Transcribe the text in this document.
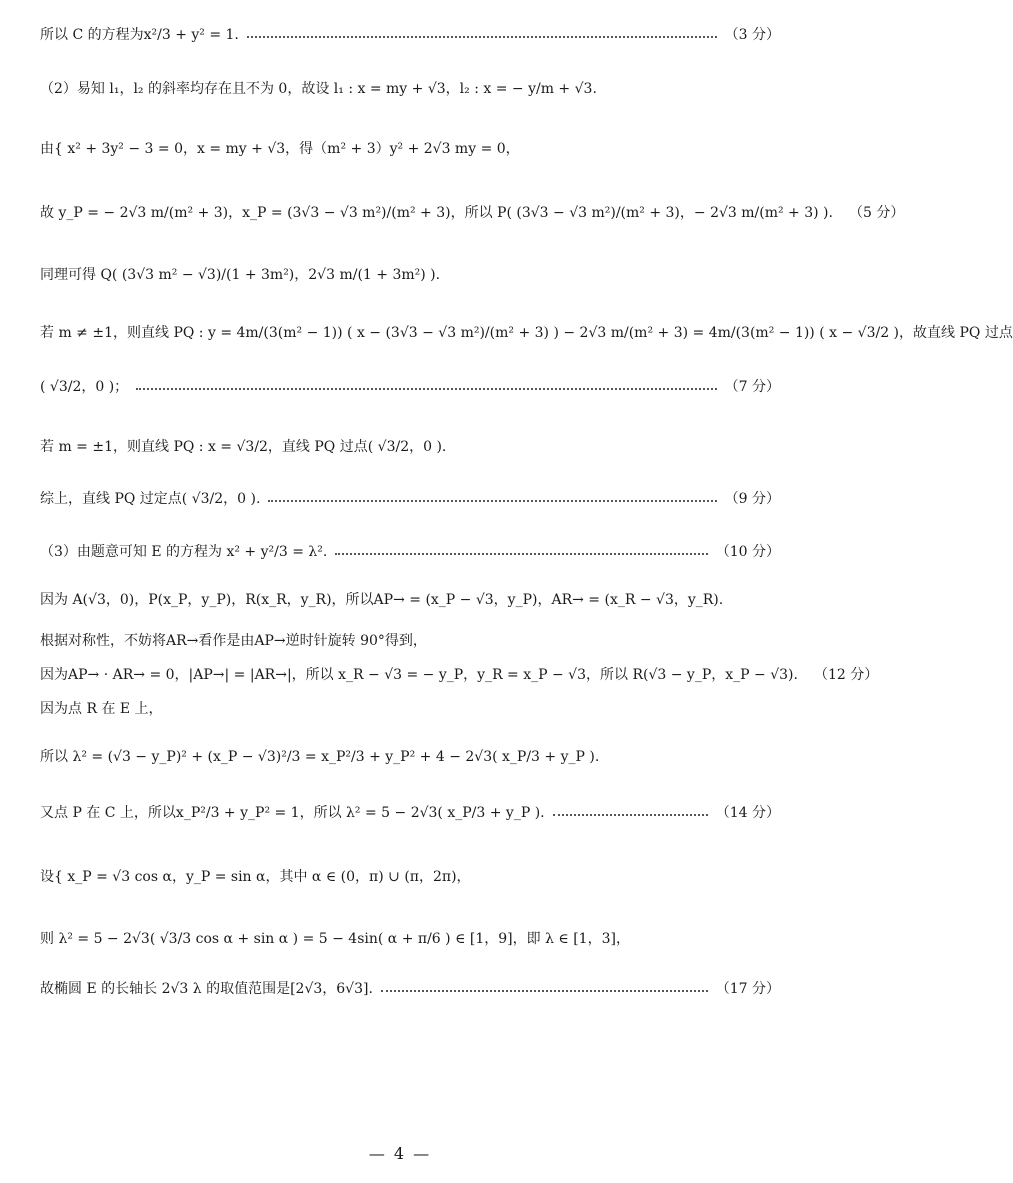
所以 C 的方程为x²/3 + y² = 1.	（3 分）
（2）易知 l₁，l₂ 的斜率均存在且不为 0，故设 l₁ : x = my + √3，l₂ : x = − y/m + √3.
由{ x² + 3y² − 3 = 0，x = my + √3，得（m² + 3）y² + 2√3 my = 0，
故 y_P = − 2√3 m/(m² + 3)，x_P = (3√3 − √3 m²)/(m² + 3)，所以 P( (3√3 − √3 m²)/(m² + 3)，− 2√3 m/(m² + 3) ). （5 分）
同理可得 Q( (3√3 m² − √3)/(1 + 3m²)，2√3 m/(1 + 3m²) ).
若 m ≠ ±1，则直线 PQ : y = 4m/(3(m² − 1)) ( x − (3√3 − √3 m²)/(m² + 3) ) − 2√3 m/(m² + 3) = 4m/(3(m² − 1)) ( x − √3/2 )，故直线 PQ 过点
( √3/2，0 )；	（7 分）
若 m = ±1，则直线 PQ : x = √3/2，直线 PQ 过点( √3/2，0 ).
综上，直线 PQ 过定点( √3/2，0 ).	（9 分）
（3）由题意可知 E 的方程为 x² + y²/3 = λ².	（10 分）
因为 A(√3，0)，P(x_P，y_P)，R(x_R，y_R)，所以AP→ = (x_P − √3，y_P)，AR→ = (x_R − √3，y_R).
根据对称性，不妨将AR→看作是由AP→逆时针旋转 90°得到，
因为AP→ · AR→ = 0，|AP→| = |AR→|，所以 x_R − √3 = − y_P，y_R = x_P − √3，所以 R(√3 − y_P，x_P − √3). （12 分）
因为点 R 在 E 上，
所以 λ² = (√3 − y_P)² + (x_P − √3)²/3 = x_P²/3 + y_P² + 4 − 2√3( x_P/3 + y_P ).
又点 P 在 C 上，所以x_P²/3 + y_P² = 1，所以 λ² = 5 − 2√3( x_P/3 + y_P ).	（14 分）
设{ x_P = √3 cos α，y_P = sin α，其中 α ∈ (0，π) ∪ (π，2π)，
则 λ² = 5 − 2√3( √3/3 cos α + sin α ) = 5 − 4sin( α + π/6 ) ∈ [1，9]，即 λ ∈ [1，3]，
故椭圆 E 的长轴长 2√3 λ 的取值范围是[2√3，6√3].	（17 分）
— 4 —
